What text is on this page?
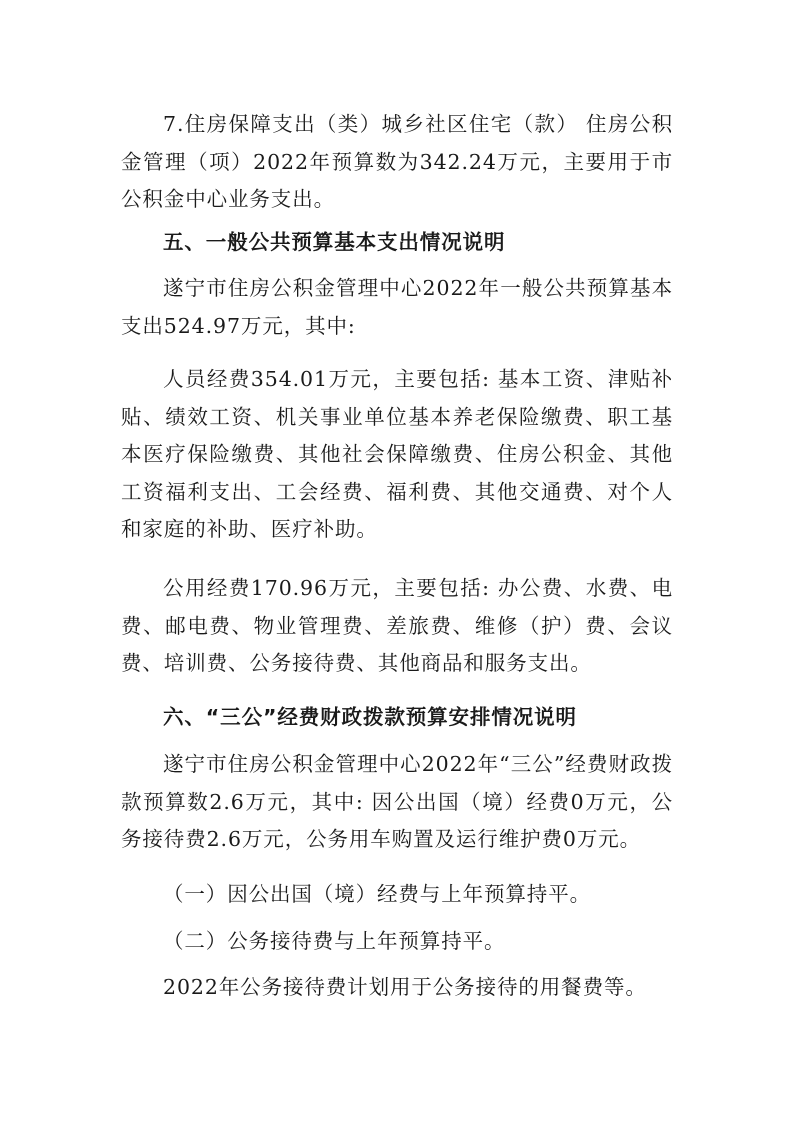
7.住房保障支出（类）城乡社区住宅（款） 住房公积金管理（项）2022年预算数为342.24万元，主要用于市公积金中心业务支出。

五、一般公共预算基本支出情况说明

遂宁市住房公积金管理中心2022年一般公共预算基本支出524.97万元，其中:

人员经费354.01万元，主要包括: 基本工资、津贴补贴、绩效工资、机关事业单位基本养老保险缴费、职工基本医疗保险缴费、其他社会保障缴费、住房公积金、其他工资福利支出、工会经费、福利费、其他交通费、对个人和家庭的补助、医疗补助。

公用经费170.96万元，主要包括: 办公费、水费、电费、邮电费、物业管理费、差旅费、维修（护）费、会议费、培训费、公务接待费、其他商品和服务支出。

六、“三公”经费财政拨款预算安排情况说明

遂宁市住房公积金管理中心2022年“三公”经费财政拨款预算数2.6万元，其中: 因公出国（境）经费0万元，公务接待费2.6万元，公务用车购置及运行维护费0万元。

（一）因公出国（境）经费与上年预算持平。

（二）公务接待费与上年预算持平。

2022年公务接待费计划用于公务接待的用餐费等。
